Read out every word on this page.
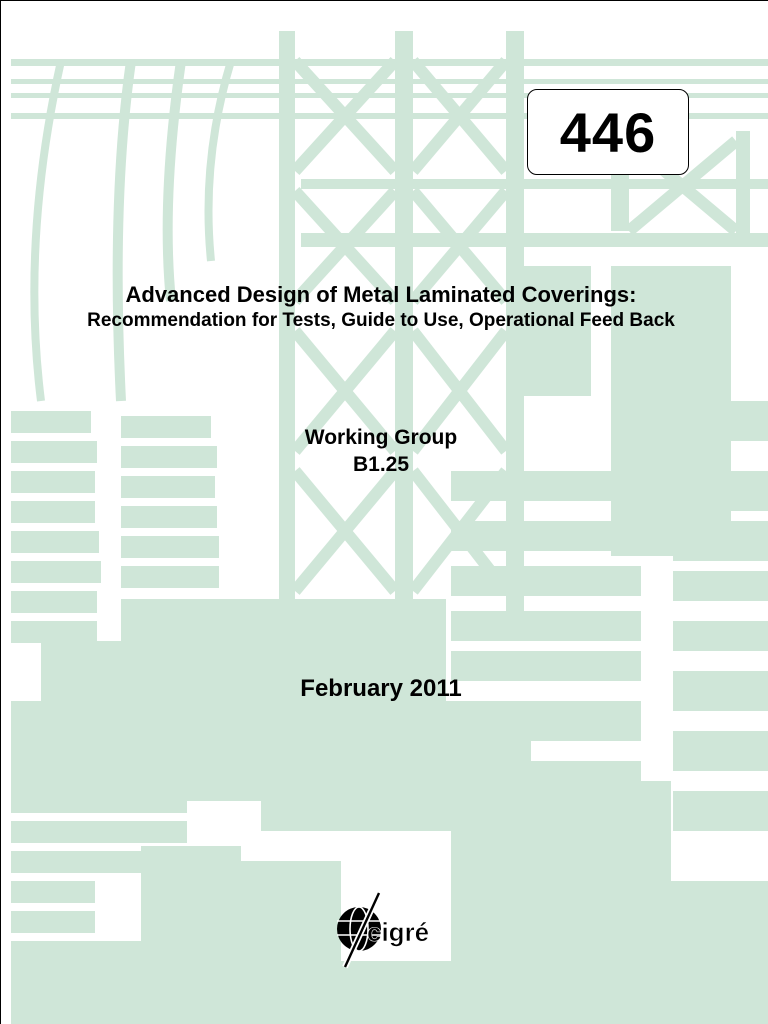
446
Advanced Design of Metal Laminated Coverings:
Recommendation for Tests, Guide to Use, Operational Feed Back
Working Group
B1.25
February 2011
cigré
